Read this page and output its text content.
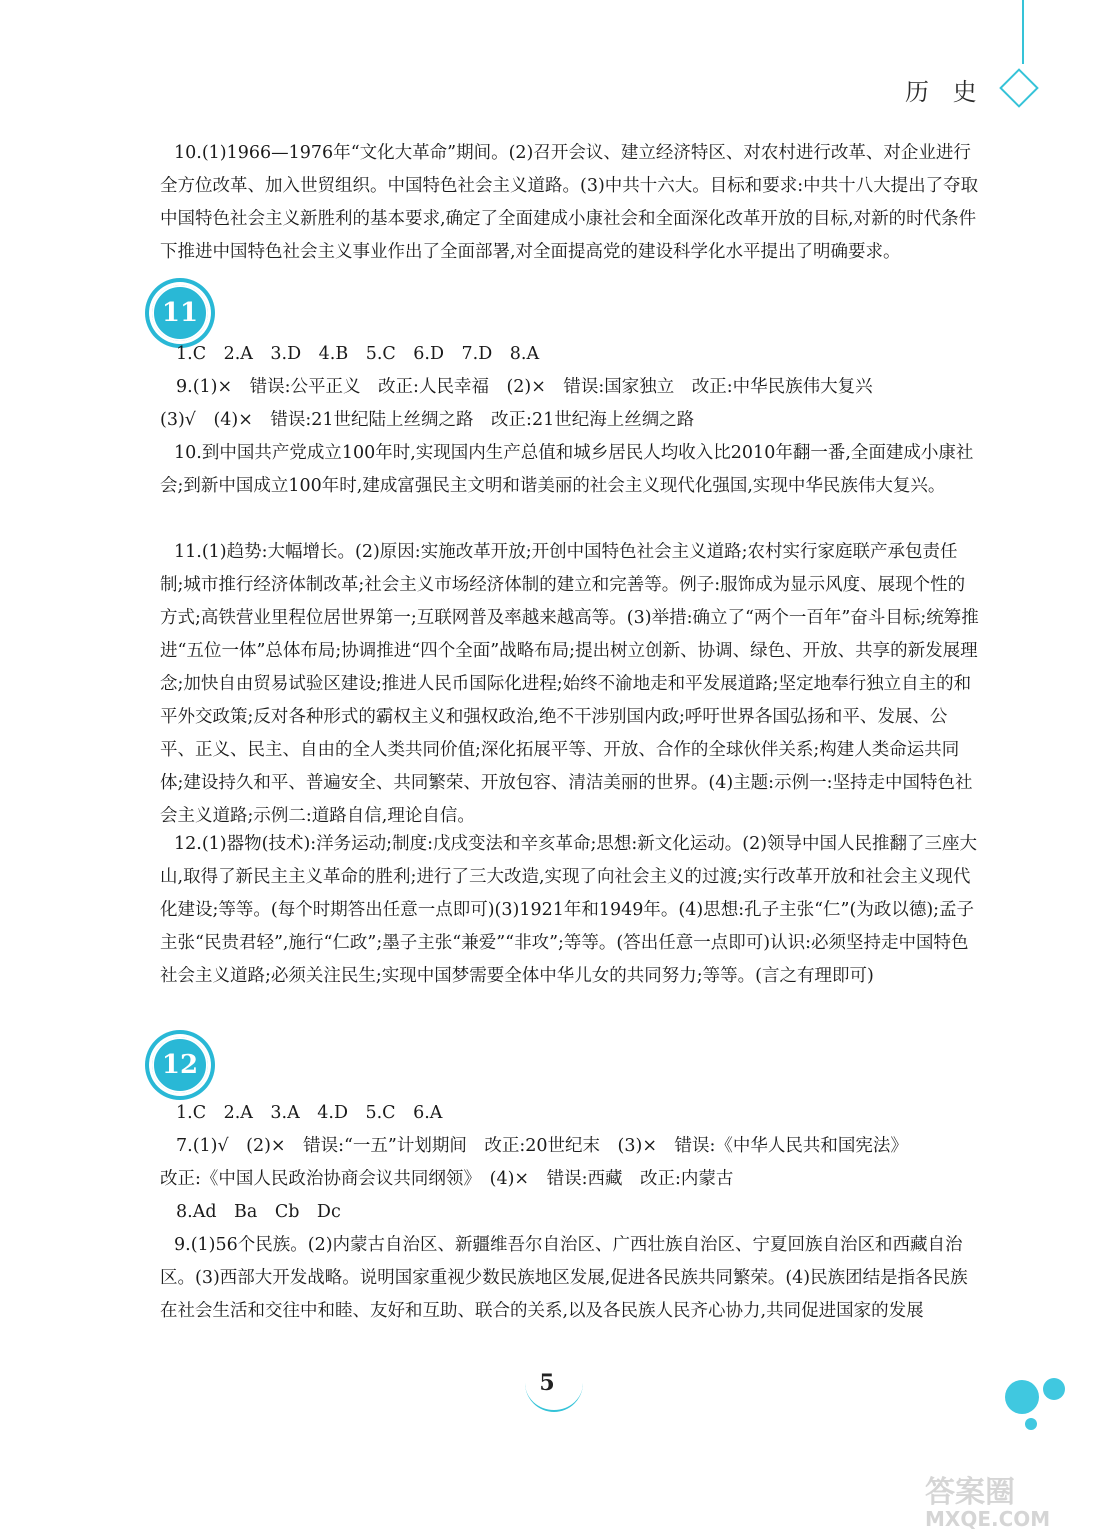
历 史

10.(1)1966—1976年“文化大革命”期间。(2)召开会议、建立经济特区、对农村进行改革、对企业进行全方位改革、加入世贸组织。中国特色社会主义道路。(3)中共十六大。目标和要求:中共十八大提出了夺取中国特色社会主义新胜利的基本要求,确定了全面建成小康社会和全面深化改革开放的目标,对新的时代条件下推进中国特色社会主义事业作出了全面部署,对全面提高党的建设科学化水平提出了明确要求。

11

1.C　2.A　3.D　4.B　5.C　6.D　7.D　8.A

9.(1)×　错误:公平正义　改正:人民幸福　(2)×　错误:国家独立　改正:中华民族伟大复兴

(3)√　(4)×　错误:21世纪陆上丝绸之路　改正:21世纪海上丝绸之路

10.到中国共产党成立100年时,实现国内生产总值和城乡居民人均收入比2010年翻一番,全面建成小康社会;到新中国成立100年时,建成富强民主文明和谐美丽的社会主义现代化强国,实现中华民族伟大复兴。

11.(1)趋势:大幅增长。(2)原因:实施改革开放;开创中国特色社会主义道路;农村实行家庭联产承包责任制;城市推行经济体制改革;社会主义市场经济体制的建立和完善等。例子:服饰成为显示风度、展现个性的方式;高铁营业里程位居世界第一;互联网普及率越来越高等。(3)举措:确立了“两个一百年”奋斗目标;统筹推进“五位一体”总体布局;协调推进“四个全面”战略布局;提出树立创新、协调、绿色、开放、共享的新发展理念;加快自由贸易试验区建设;推进人民币国际化进程;始终不渝地走和平发展道路;坚定地奉行独立自主的和平外交政策;反对各种形式的霸权主义和强权政治,绝不干涉别国内政;呼吁世界各国弘扬和平、发展、公平、正义、民主、自由的全人类共同价值;深化拓展平等、开放、合作的全球伙伴关系;构建人类命运共同体;建设持久和平、普遍安全、共同繁荣、开放包容、清洁美丽的世界。(4)主题:示例一:坚持走中国特色社会主义道路;示例二:道路自信,理论自信。

12.(1)器物(技术):洋务运动;制度:戊戌变法和辛亥革命;思想:新文化运动。(2)领导中国人民推翻了三座大山,取得了新民主主义革命的胜利;进行了三大改造,实现了向社会主义的过渡;实行改革开放和社会主义现代化建设;等等。(每个时期答出任意一点即可)(3)1921年和1949年。(4)思想:孔子主张“仁”(为政以德);孟子主张“民贵君轻”,施行“仁政”;墨子主张“兼爱”“非攻”;等等。(答出任意一点即可)认识:必须坚持走中国特色社会主义道路;必须关注民生;实现中国梦需要全体中华儿女的共同努力;等等。(言之有理即可)

12

1.C　2.A　3.A　4.D　5.C　6.A

7.(1)√　(2)×　错误:“一五”计划期间　改正:20世纪末　(3)×　错误:《中华人民共和国宪法》

改正:《中国人民政治协商会议共同纲领》　(4)×　错误:西藏　改正:内蒙古

8.Ad　Ba　Cb　Dc

9.(1)56个民族。(2)内蒙古自治区、新疆维吾尔自治区、广西壮族自治区、宁夏回族自治区和西藏自治区。(3)西部大开发战略。说明国家重视少数民族地区发展,促进各民族共同繁荣。(4)民族团结是指各民族在社会生活和交往中和睦、友好和互助、联合的关系,以及各民族人民齐心协力,共同促进国家的发展

5
答案圈
MXQE.COM
